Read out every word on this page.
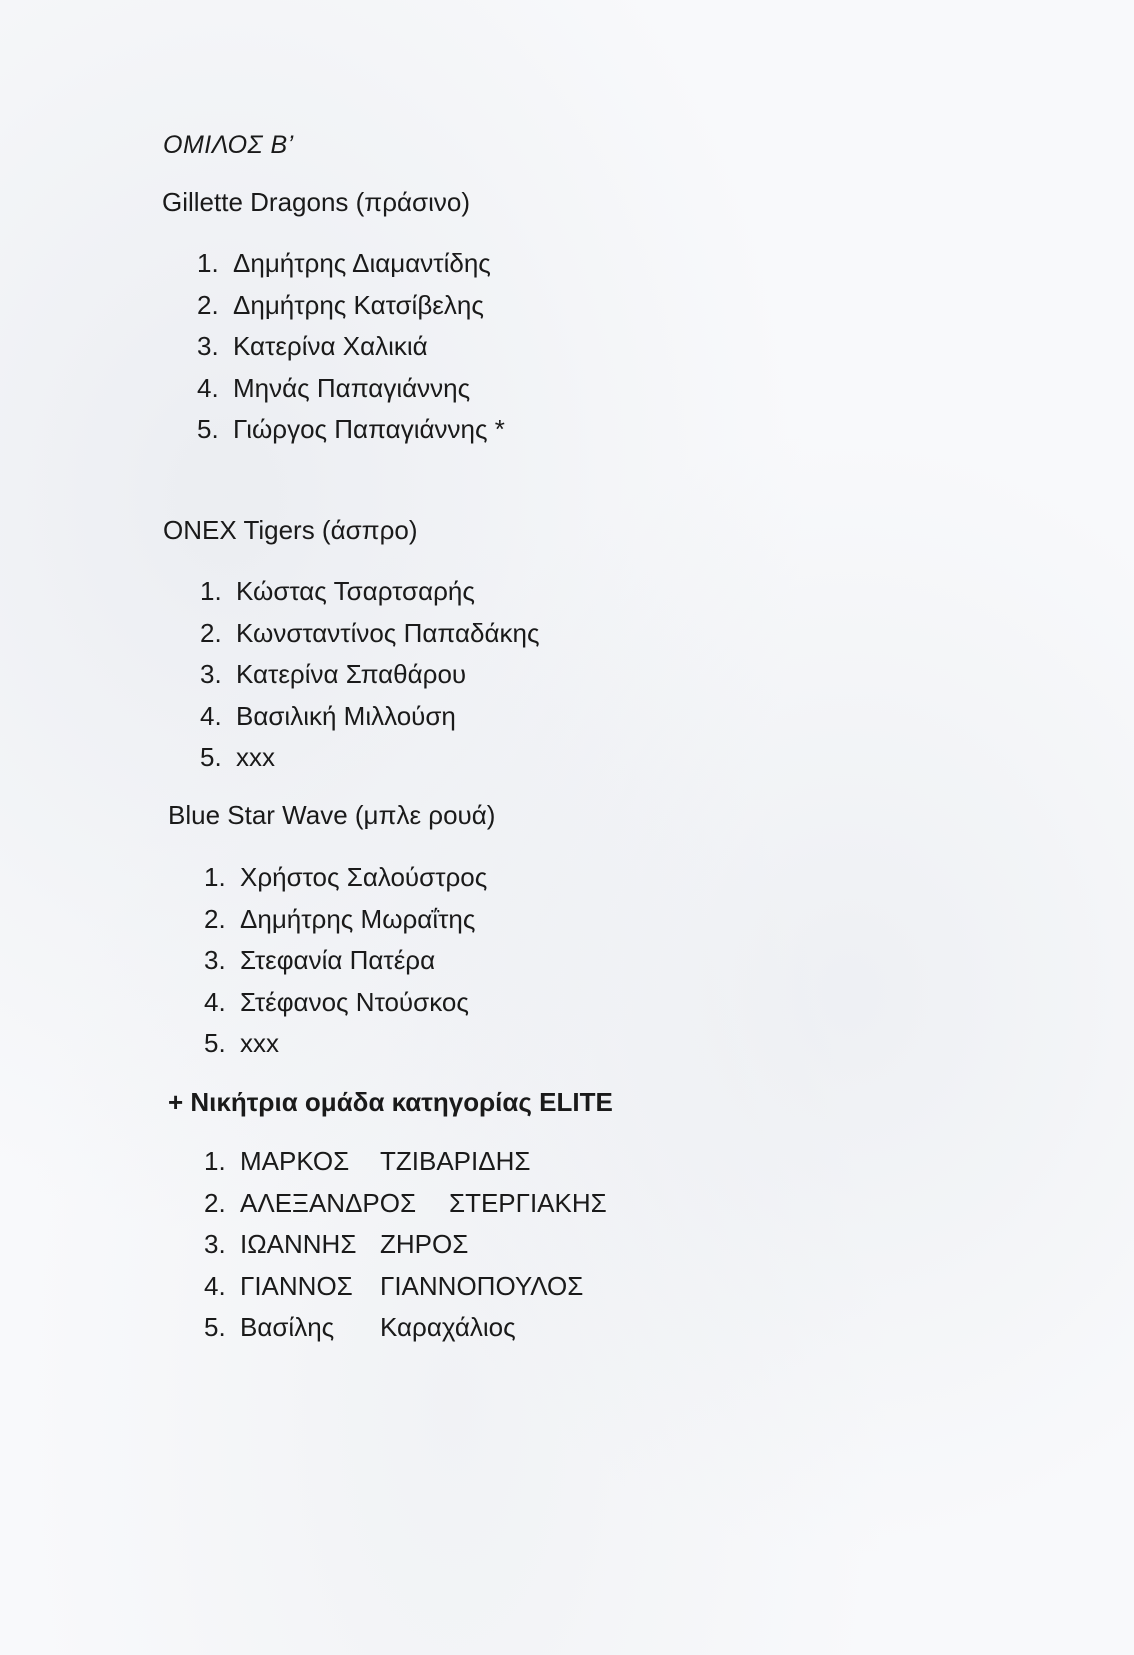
ΟΜΙΛΟΣ Β’
Gillette Dragons (πράσινο)
1. Δημήτρης Διαμαντίδης
2. Δημήτρης Κατσίβελης
3. Κατερίνα Χαλικιά
4. Μηνάς Παπαγιάννης
5. Γιώργος Παπαγιάννης *
ONEX Tigers (άσπρο)
1. Κώστας Τσαρτσαρής
2. Κωνσταντίνος Παπαδάκης
3. Κατερίνα Σπαθάρου
4. Βασιλική Μιλλούση
5. xxx
Blue Star Wave (μπλε ρουά)
1. Χρήστος Σαλούστρος
2. Δημήτρης Μωραΐτης
3. Στεφανία Πατέρα
4. Στέφανος Ντούσκος
5. xxx
+ Νικήτρια ομάδα κατηγορίας ELITE
1. ΜΑΡΚΟΣ ΤΖΙΒΑΡΙΔΗΣ
2. ΑΛΕΞΑΝΔΡΟΣ ΣΤΕΡΓΙΑΚΗΣ
3. ΙΩΑΝΝΗΣ ΖΗΡΟΣ
4. ΓΙΑΝΝΟΣ ΓΙΑΝΝΟΠΟΥΛΟΣ
5. Βασίλης Καραχάλιος
